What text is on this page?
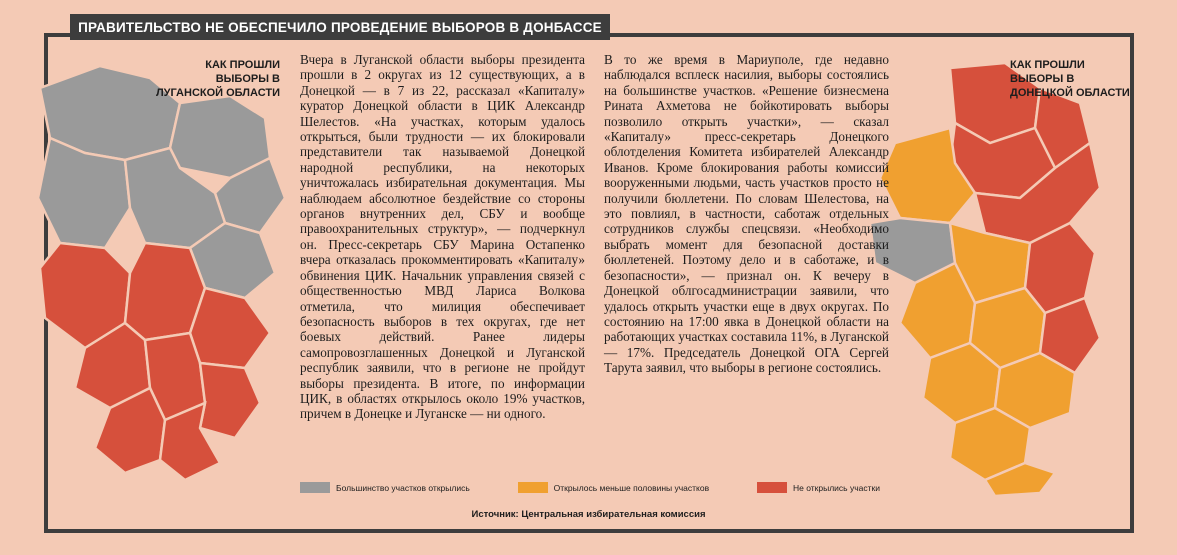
ПРАВИТЕЛЬСТВО НЕ ОБЕСПЕЧИЛО ПРОВЕДЕНИЕ ВЫБОРОВ В ДОНБАССЕ
КАК ПРОШЛИ ВЫБОРЫ В ЛУГАНСКОЙ ОБЛАСТИ
КАК ПРОШЛИ ВЫБОРЫ В ДОНЕЦКОЙ ОБЛАСТИ

Вчера в Луганской области выборы президента прошли в 2 округах из 12 существующих, а в Донецкой — в 7 из 22, рассказал «Капиталу» куратор Донецкой области в ЦИК Александр Шелестов. «На участках, которым удалось открыться, были трудности — их блокировали представители так называемой Донецкой народной республики, на некоторых уничтожалась избирательная документация. Мы наблюдаем абсолютное бездействие со стороны органов внутренних дел, СБУ и вообще правоохранительных структур», — подчеркнул он. Пресс-секретарь СБУ Марина Остапенко вчера отказалась прокомментировать «Капиталу» обвинения ЦИК. Начальник управления связей с общественностью МВД Лариса Волкова отметила, что милиция обеспечивает безопасность выборов в тех округах, где нет боевых действий. Ранее лидеры самопровозглашенных Донецкой и Луганской республик заявили, что в регионе не пройдут выборы президента. В итоге, по информации ЦИК, в областях открылось около 19% участков, причем в Донецке и Луганске — ни одного.

В то же время в Мариуполе, где недавно наблюдался всплеск насилия, выборы состоялись на большинстве участков. «Решение бизнесмена Рината Ахметова не бойкотировать выборы позволило открыть участки», — сказал «Капиталу» пресс-секретарь Донецкого облотделения Комитета избирателей Александр Иванов. Кроме блокирования работы комиссий вооруженными людьми, часть участков просто не получили бюллетени. По словам Шелестова, на это повлиял, в частности, саботаж отдельных сотрудников службы спецсвязи. «Необходимо выбрать момент для безопасной доставки бюллетеней. Поэтому дело и в саботаже, и в безопасности», — признал он. К вечеру в Донецкой облгосадминистрации заявили, что удалось открыть участки еще в двух округах. По состоянию на 17:00 явка в Донецкой области на работающих участках составила 11%, в Луганской — 17%. Председатель Донецкой ОГА Сергей Тарута заявил, что выборы в регионе состоялись.

Большинство участков открылись	Открылось меньше половины участков	Не открылись участки
Источник: Центральная избирательная комиссия
